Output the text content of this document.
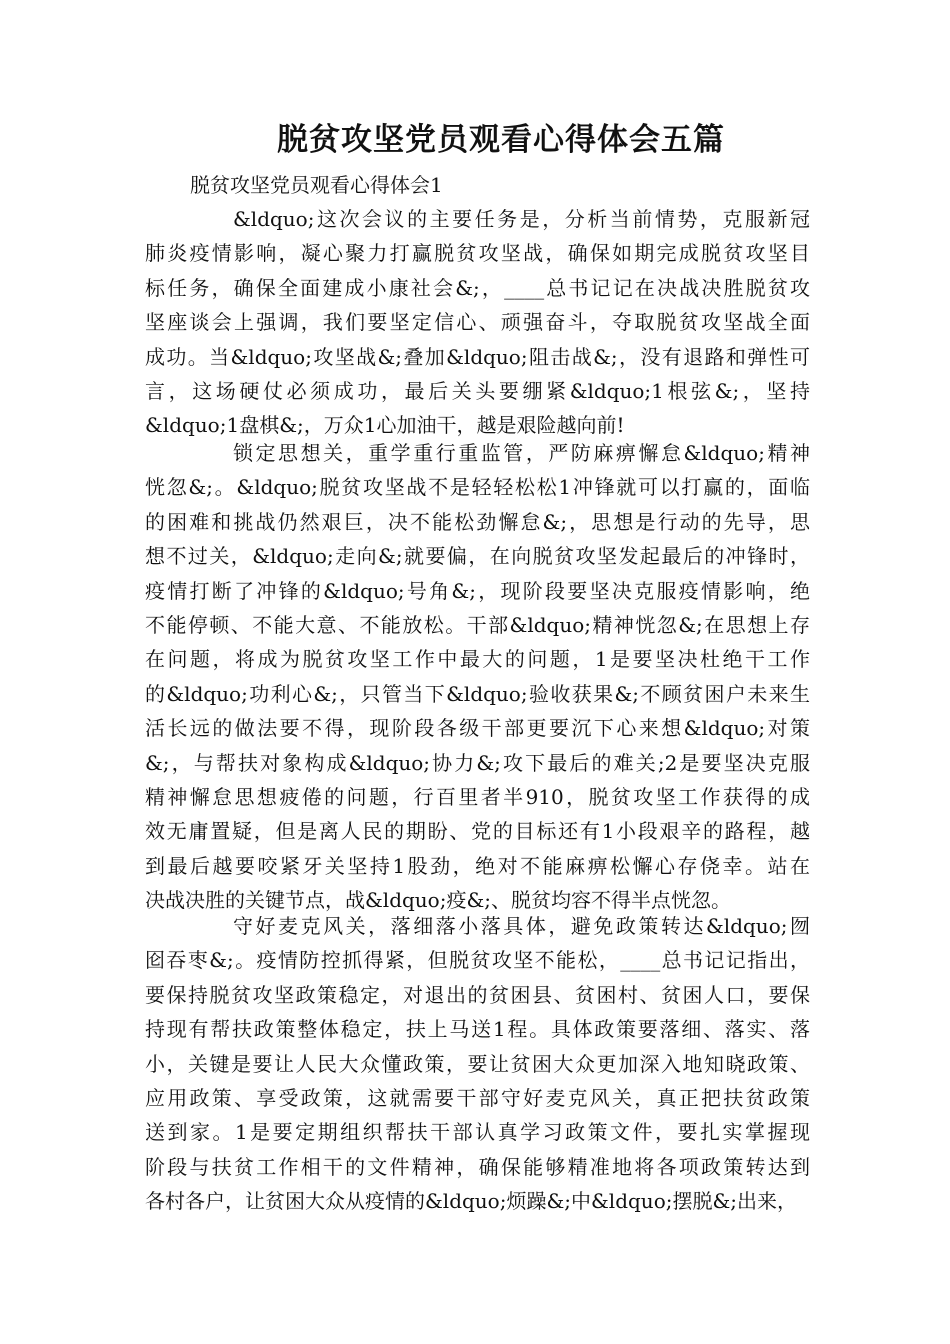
脱贫攻坚党员观看心得体会五篇
脱贫攻坚党员观看心得体会1
&ldquo;这次会议的主要任务是，分析当前情势，克服新冠
肺炎疫情影响，凝心聚力打赢脱贫攻坚战，确保如期完成脱贫攻坚目
标任务，确保全面建成小康社会&;，____总书记记在决战决胜脱贫攻
坚座谈会上强调，我们要坚定信心、顽强奋斗，夺取脱贫攻坚战全面
成功。当&ldquo;攻坚战&;叠加&ldquo;阻击战&;，没有退路和弹性可
言，这场硬仗必须成功，最后关头要绷紧&ldquo;1根弦&;，坚持
&ldquo;1盘棋&;，万众1心加油干，越是艰险越向前!
锁定思想关，重学重行重监管，严防麻痹懈怠&ldquo;精神
恍忽&;。&ldquo;脱贫攻坚战不是轻轻松松1冲锋就可以打赢的，面临
的困难和挑战仍然艰巨，决不能松劲懈怠&;，思想是行动的先导，思
想不过关，&ldquo;走向&;就要偏，在向脱贫攻坚发起最后的冲锋时，
疫情打断了冲锋的&ldquo;号角&;，现阶段要坚决克服疫情影响，绝
不能停顿、不能大意、不能放松。干部&ldquo;精神恍忽&;在思想上存
在问题，将成为脱贫攻坚工作中最大的问题，1是要坚决杜绝干工作
的&ldquo;功利心&;，只管当下&ldquo;验收获果&;不顾贫困户未来生
活长远的做法要不得，现阶段各级干部更要沉下心来想&ldquo;对策
&;，与帮扶对象构成&ldquo;协力&;攻下最后的难关;2是要坚决克服
精神懈怠思想疲倦的问题，行百里者半910，脱贫攻坚工作获得的成
效无庸置疑，但是离人民的期盼、党的目标还有1小段艰辛的路程，越
到最后越要咬紧牙关坚持1股劲，绝对不能麻痹松懈心存侥幸。站在
决战决胜的关键节点，战&ldquo;疫&;、脱贫均容不得半点恍忽。
守好麦克风关，落细落小落具体，避免政策转达&ldquo;囫
囵吞枣&;。疫情防控抓得紧，但脱贫攻坚不能松，____总书记记指出，
要保持脱贫攻坚政策稳定，对退出的贫困县、贫困村、贫困人口，要保
持现有帮扶政策整体稳定，扶上马送1程。具体政策要落细、落实、落
小，关键是要让人民大众懂政策，要让贫困大众更加深入地知晓政策、
应用政策、享受政策，这就需要干部守好麦克风关，真正把扶贫政策
送到家。1是要定期组织帮扶干部认真学习政策文件，要扎实掌握现
阶段与扶贫工作相干的文件精神，确保能够精准地将各项政策转达到
各村各户，让贫困大众从疫情的&ldquo;烦躁&;中&ldquo;摆脱&;出来，
